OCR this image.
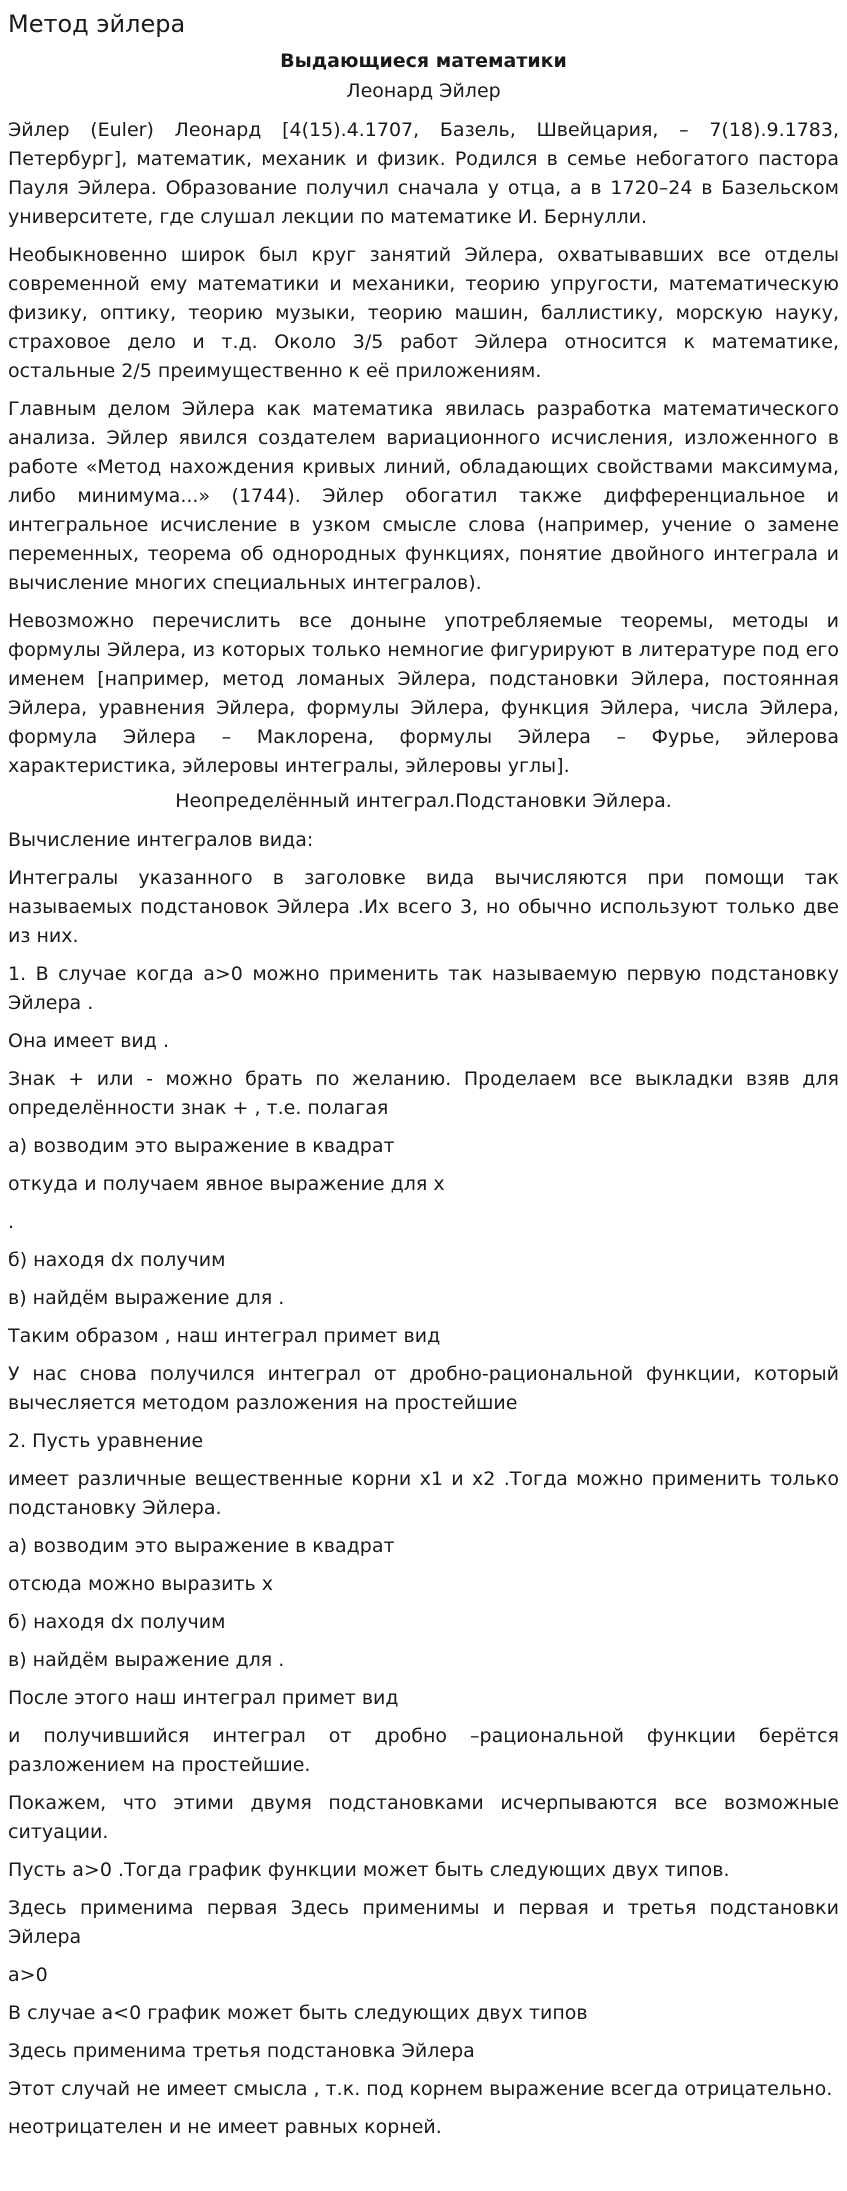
Метод эйлера
Выдающиеся математики
Леонард Эйлер

Эйлер (Euler) Леонард [4(15).4.1707, Базель, Швейцария, – 7(18).9.1783, Петербург], математик, механик и физик. Родился в семье небогатого пастора Пауля Эйлера. Образование получил сначала у отца, а в 1720–24 в Базельском университете, где слушал лекции по математике И. Бернулли.

Необыкновенно широк был круг занятий Эйлера, охватывавших все отделы современной ему математики и механики, теорию упругости, математическую физику, оптику, теорию музыки, теорию машин, баллистику, морскую науку, страховое дело и т.д. Около 3/5 работ Эйлера относится к математике, остальные 2/5 преимущественно к её приложениям.

Главным делом Эйлера как математика явилась разработка математического анализа. Эйлер явился создателем вариационного исчисления, изложенного в работе «Метод нахождения кривых линий, обладающих свойствами максимума, либо минимума...» (1744). Эйлер обогатил также дифференциальное и интегральное исчисление в узком смысле слова (например, учение о замене переменных, теорема об однородных функциях, понятие двойного интеграла и вычисление многих специальных интегралов).

Невозможно перечислить все доныне употребляемые теоремы, методы и формулы Эйлера, из которых только немногие фигурируют в литературе под его именем [например, метод ломаных Эйлера, подстановки Эйлера, постоянная Эйлера, уравнения Эйлера, формулы Эйлера, функция Эйлера, числа Эйлера, формула Эйлера – Маклорена, формулы Эйлера – Фурье, эйлерова характеристика, эйлеровы интегралы, эйлеровы углы].

Неопределённый интеграл.Подстановки Эйлера.

Вычисление интегралов вида:

Интегралы указанного в заголовке вида вычисляются при помощи так называемых подстановок Эйлера .Их всего 3, но обычно используют только две из них.

1. В случае когда a>0 можно применить так называемую первую подстановку Эйлера .

Она имеет вид .

Знак + или - можно брать по желанию. Проделаем все выкладки взяв для определённости знак + , т.е. полагая

а) возводим это выражение в квадрат

откуда и получаем явное выражение для x

.

б) находя dx получим

в) найдём выражение для .

Таким образом , наш интеграл примет вид

У нас снова получился интеграл от дробно-рациональной функции, который вычесляется методом разложения на простейшие

2. Пусть уравнение

имеет различные вещественные корни x1 и x2 .Тогда можно применить только подстановку Эйлера.

а) возводим это выражение в квадрат

отсюда можно выразить x

б) находя dx получим

в) найдём выражение для .

После этого наш интеграл примет вид

и получившийся интеграл от дробно –рациональной функции берётся разложением на простейшие.

Покажем, что этими двумя подстановками исчерпываются все возможные ситуации.

Пусть a>0 .Тогда график функции может быть следующих двух типов.

Здесь применима первая Здесь применимы и первая и третья подстановки Эйлера

a>0

В случае a<0 график может быть следующих двух типов

Здесь применима третья подстановка Эйлера

Этот случай не имеет смысла , т.к. под корнем выражение всегда отрицательно.

неотрицателен и не имеет равных корней.
